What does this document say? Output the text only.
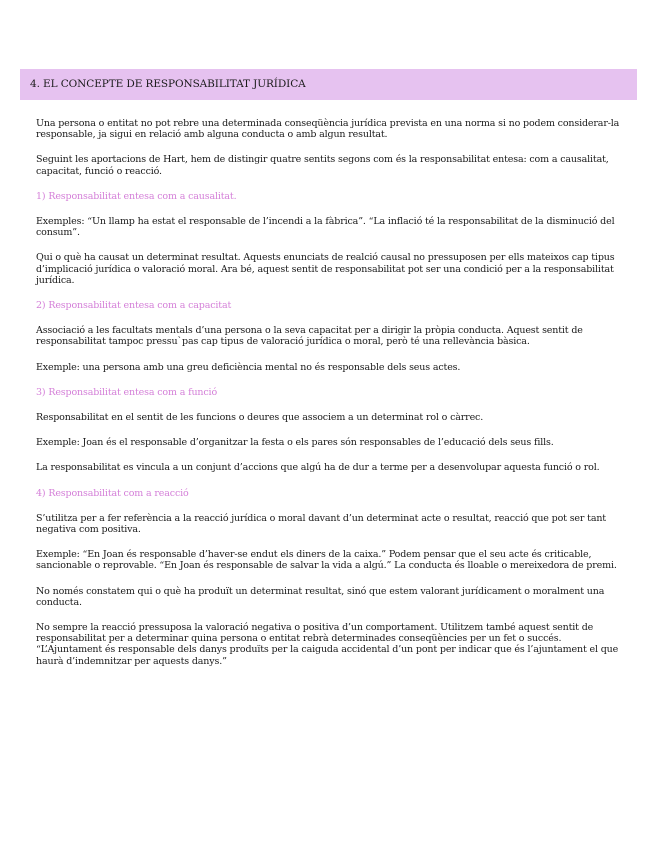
4. EL CONCEPTE DE RESPONSABILITAT JURÍDICA

Una persona o entitat no pot rebre una determinada conseqüència jurídica prevista en una norma si no podem considerar-la responsable, ja sigui en relació amb alguna conducta o amb algun resultat.

Seguint les aportacions de Hart, hem de distingir quatre sentits segons com és la responsabilitat entesa: com a causalitat, capacitat, funció o reacció.

1) Responsabilitat entesa com a causalitat.

Exemples: “Un llamp ha estat el responsable de l’incendi a la fàbrica”. “La inflació té la responsabilitat de la disminució del consum”.

Qui o què ha causat un determinat resultat. Aquests enunciats de realció causal no pressuposen per ells mateixos cap tipus d’implicació jurídica o valoració moral. Ara bé, aquest sentit de responsabilitat pot ser una condició per a la responsabilitat jurídica.

2) Responsabilitat entesa com a capacitat

Associació a les facultats mentals d’una persona o la seva capacitat per a dirigir la pròpia conducta. Aquest sentit de responsabilitat tampoc pressu`pas cap tipus de valoració jurídica o moral, però té una rellevància bàsica.

Exemple: una persona amb una greu deficiència mental no és responsable dels seus actes.

3) Responsabilitat entesa com a funció

Responsabilitat en el sentit de les funcions o deures que associem a un determinat rol o càrrec.

Exemple: Joan és el responsable d’organitzar la festa o els pares són responsables de l’educació dels seus fills.

La responsabilitat es vincula a un conjunt d’accions que algú ha de dur a terme per a desenvolupar aquesta funció o rol.

4) Responsabilitat com a reacció

S’utilitza per a fer referència a la reacció jurídica o moral davant d’un determinat acte o resultat, reacció que pot ser tant negativa com positiva.

Exemple: “En Joan és responsable d’haver-se endut els diners de la caixa.” Podem pensar que el seu acte és criticable, sancionable o reprovable. “En Joan és responsable de salvar la vida a algú.” La conducta és lloable o mereixedora de premi.

No només constatem qui o què ha produït un determinat resultat, sinó que estem valorant jurídicament o moralment una conducta.

No sempre la reacció pressuposa la valoració negativa o positiva d’un comportament. Utilitzem també aquest sentit de responsabilitat per a determinar quina persona o entitat rebrà determinades conseqüències per un fet o succés.

“L’Ajuntament és responsable dels danys produïts per la caiguda accidental d’un pont per indicar que és l’ajuntament el que haurà d’indemnitzar per aquests danys.”
